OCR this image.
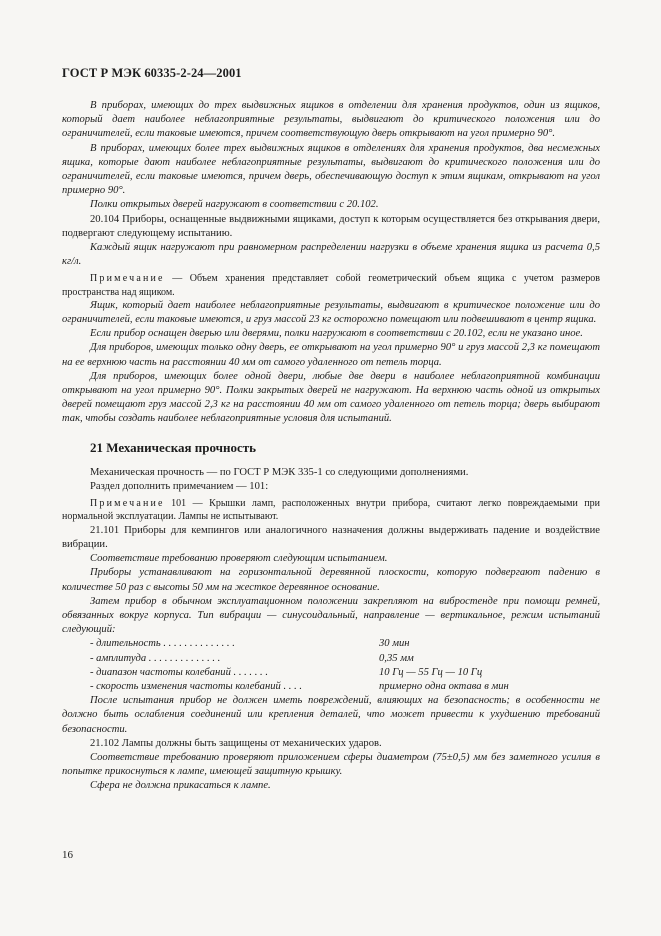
ГОСТ Р МЭК 60335-2-24—2001

В приборах, имеющих до трех выдвижных ящиков в отделении для хранения продуктов, один из ящиков, который дает наиболее неблагоприятные результаты, выдвигают до критического положения или до ограничителей, если таковые имеются, причем соответствующую дверь открывают на угол примерно 90°.

В приборах, имеющих более трех выдвижных ящиков в отделениях для хранения продуктов, два несмежных ящика, которые дают наиболее неблагоприятные результаты, выдвигают до критического положения или до ограничителей, если таковые имеются, причем дверь, обеспечивающую доступ к этим ящикам, открывают на угол примерно 90°.

Полки открытых дверей нагружают в соответствии с 20.102.

20.104 Приборы, оснащенные выдвижными ящиками, доступ к которым осуществляется без открывания двери, подвергают следующему испытанию.

Каждый ящик нагружают при равномерном распределении нагрузки в объеме хранения ящика из расчета 0,5 кг/л.

Примечание — Объем хранения представляет собой геометрический объем ящика с учетом размеров пространства над ящиком.

Ящик, который дает наиболее неблагоприятные результаты, выдвигают в критическое положение или до ограничителей, если таковые имеются, и груз массой 23 кг осторожно помещают или подвешивают в центр ящика.

Если прибор оснащен дверью или дверями, полки нагружают в соответствии с 20.102, если не указано иное.

Для приборов, имеющих только одну дверь, ее открывают на угол примерно 90° и груз массой 2,3 кг помещают на ее верхнюю часть на расстоянии 40 мм от самого удаленного от петель торца.

Для приборов, имеющих более одной двери, любые две двери в наиболее неблагоприятной комбинации открывают на угол примерно 90°. Полки закрытых дверей не нагружают. На верхнюю часть одной из открытых дверей помещают груз массой 2,3 кг на расстоянии 40 мм от самого удаленного от петель торца; дверь выбирают так, чтобы создать наиболее неблагоприятные условия для испытаний.

21 Механическая прочность

Механическая прочность — по ГОСТ Р МЭК 335-1 со следующими дополнениями.

Раздел дополнить примечанием — 101:

Примечание 101 — Крышки ламп, расположенных внутри прибора, считают легко повреждаемыми при нормальной эксплуатации. Лампы не испытывают.

21.101 Приборы для кемпингов или аналогичного назначения должны выдерживать падение и воздействие вибрации.

Соответствие требованию проверяют следующим испытанием.

Приборы устанавливают на горизонтальной деревянной плоскости, которую подвергают падению в количестве 50 раз с высоты 50 мм на жесткое деревянное основание.

Затем прибор в обычном эксплуатационном положении закрепляют на вибростенде при помощи ремней, обвязанных вокруг корпуса. Тип вибрации — синусоидальный, направление — вертикальное, режим испытаний следующий:

- длительность . . . . . . . . . . . . . .	30 мин
- амплитуда . . . . . . . . . . . . . .	0,35 мм
- диапазон частоты колебаний . . . . . . .	10 Гц — 55 Гц — 10 Гц
- скорость изменения частоты колебаний . . . .	примерно одна октава в мин

После испытания прибор не должен иметь повреждений, влияющих на безопасность; в особенности не должно быть ослабления соединений или крепления деталей, что может привести к ухудшению требований безопасности.

21.102 Лампы должны быть защищены от механических ударов.

Соответствие требованию проверяют приложением сферы диаметром (75±0,5) мм без заметного усилия в попытке прикоснуться к лампе, имеющей защитную крышку.

Сфера не должна прикасаться к лампе.

16
